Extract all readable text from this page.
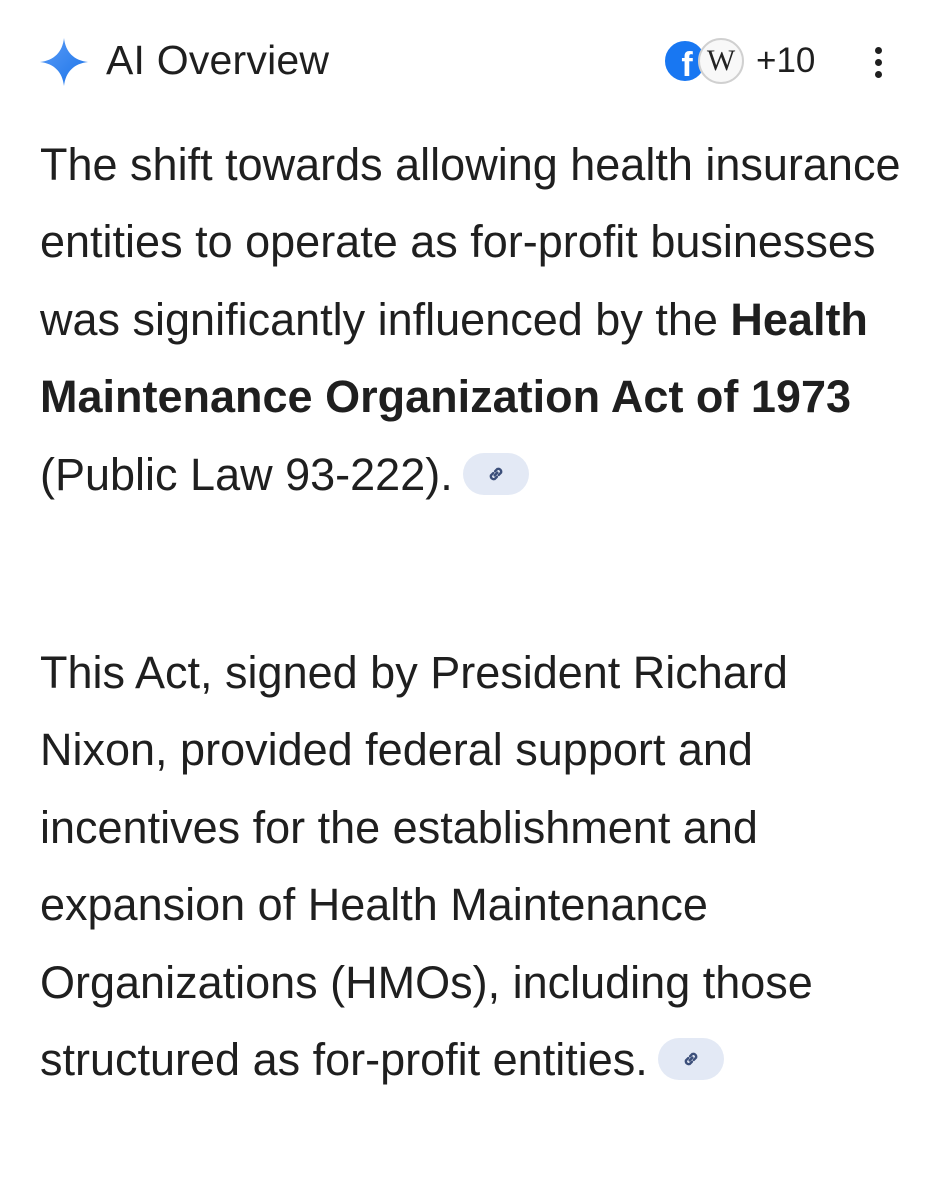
AI Overview	f W +10

The shift towards allowing health insurance entities to operate as for-profit businesses was significantly influenced by the Health Maintenance Organization Act of 1973 (Public Law 93-222).

This Act, signed by President Richard Nixon, provided federal support and incentives for the establishment and expansion of Health Maintenance Organizations (HMOs), including those structured as for-profit entities.
